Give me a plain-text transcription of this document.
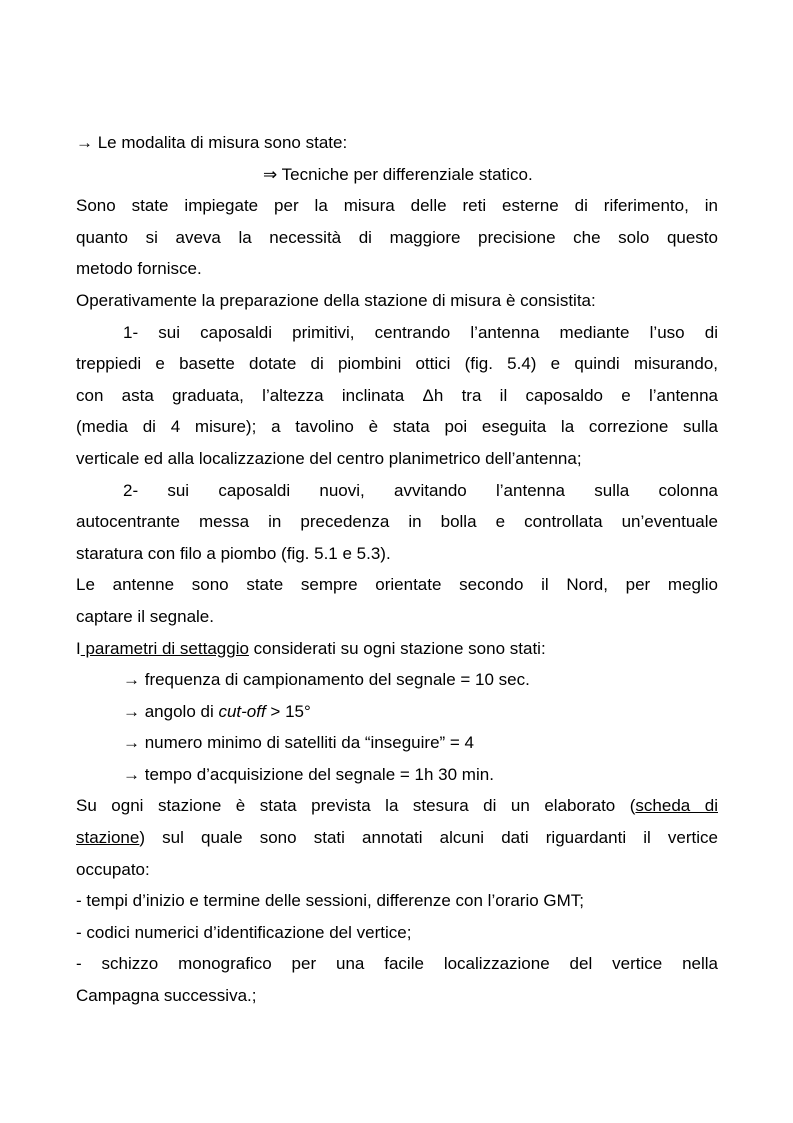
→ Le modalita di misura sono state:
⇒ Tecniche per differenziale statico.
Sono state impiegate per la misura delle reti esterne di riferimento, in
quanto si aveva la necessità di maggiore precisione che solo questo
metodo fornisce.
Operativamente la preparazione della stazione di misura è consistita:
1- sui caposaldi primitivi, centrando l’antenna mediante l’uso di
treppiedi e basette dotate di piombini ottici (fig. 5.4) e quindi misurando,
con asta graduata, l’altezza inclinata Δh tra il caposaldo e l’antenna
(media di 4 misure); a tavolino è stata poi eseguita la correzione sulla
verticale ed alla localizzazione del centro planimetrico dell’antenna;
2- sui caposaldi nuovi, avvitando l’antenna sulla colonna
autocentrante messa in precedenza in bolla e controllata un’eventuale
staratura con filo a piombo (fig. 5.1 e 5.3).
Le antenne sono state sempre orientate secondo il Nord, per meglio
captare il segnale.
I parametri di settaggio considerati su ogni stazione sono stati:
→ frequenza di campionamento del segnale = 10 sec.
→ angolo di cut-off > 15°
→ numero minimo di satelliti da “inseguire” = 4
→ tempo d’acquisizione del segnale = 1h 30 min.
Su ogni stazione è stata prevista la stesura di un elaborato (scheda di
stazione) sul quale sono stati annotati alcuni dati riguardanti il vertice
occupato:
- tempi d’inizio e termine delle sessioni, differenze con l’orario GMT;
- codici numerici d’identificazione del vertice;
- schizzo monografico per una facile localizzazione del vertice nella
Campagna successiva.;
